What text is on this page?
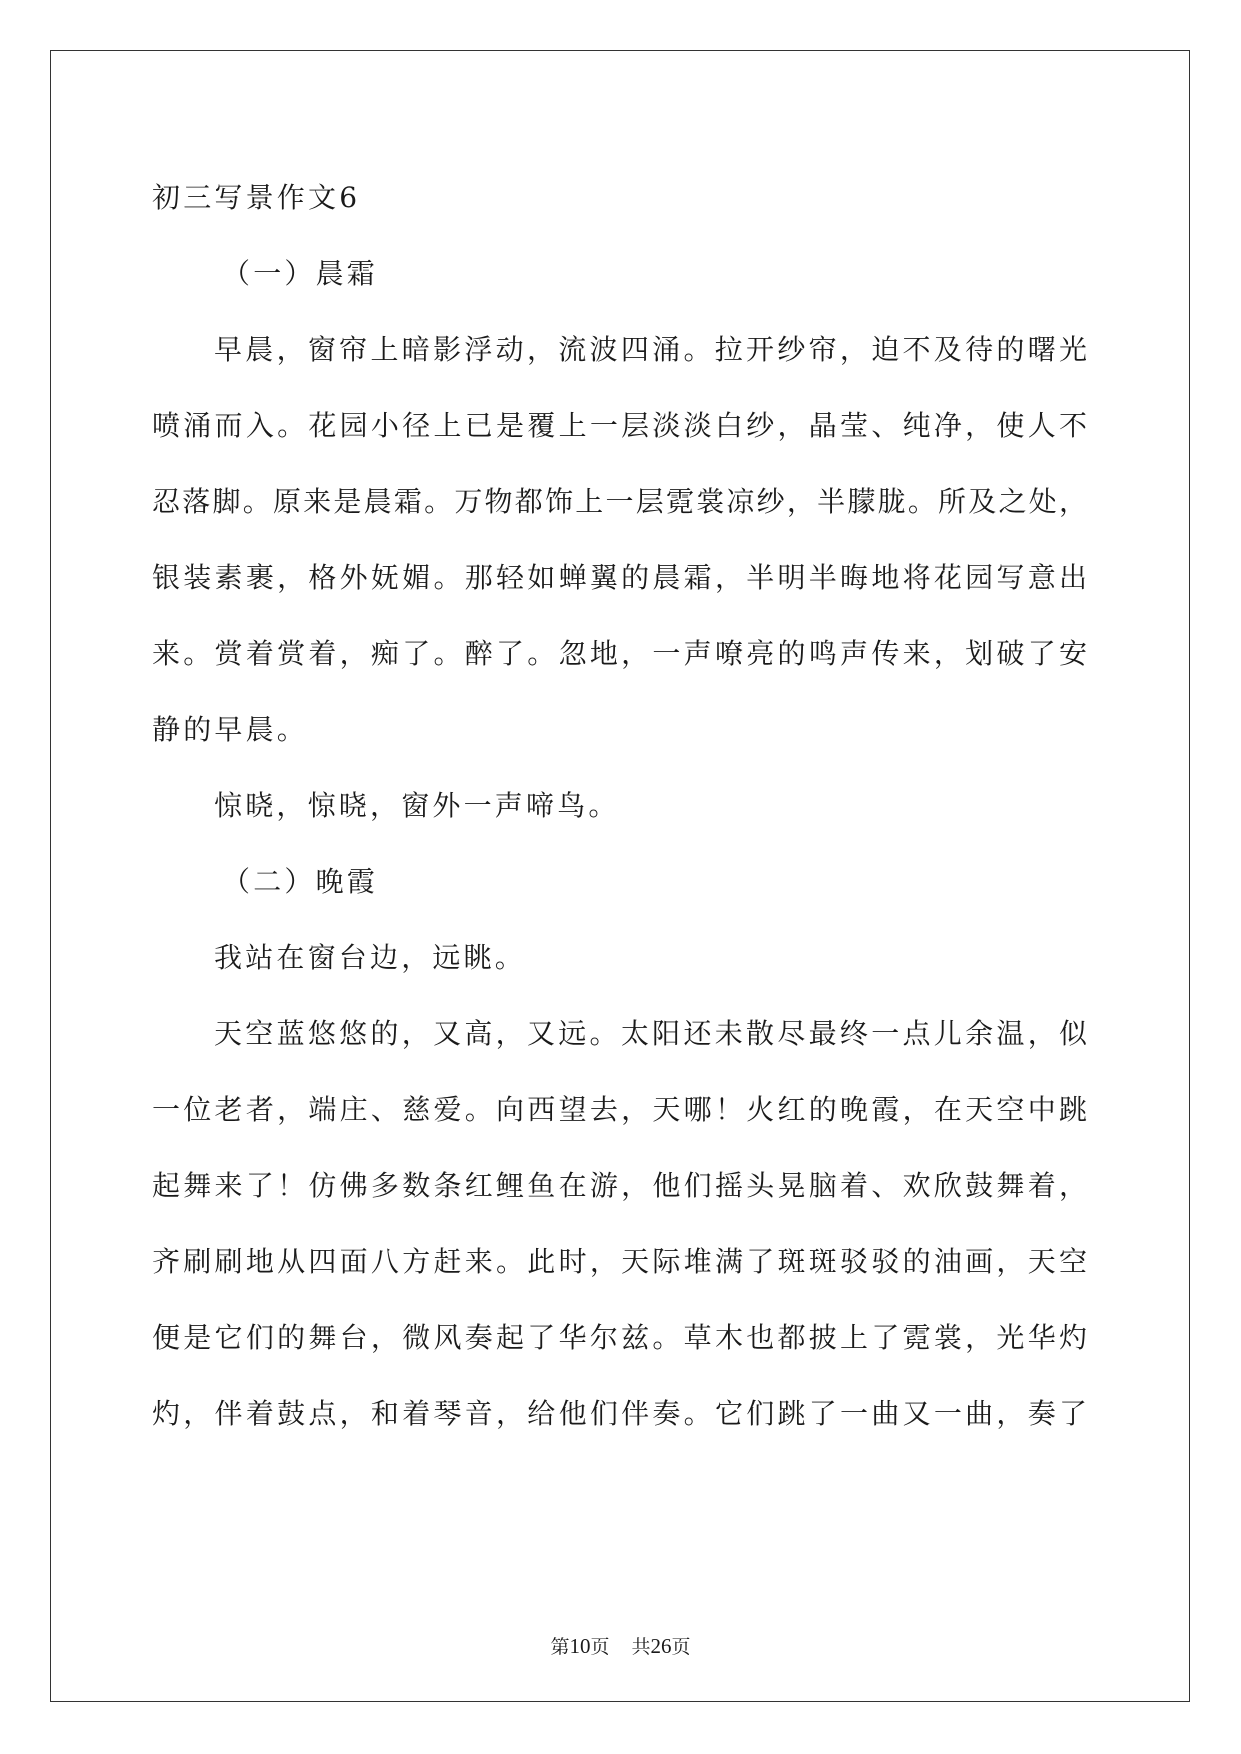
初三写景作文6
（一）晨霜
早晨，窗帘上暗影浮动，流波四涌。拉开纱帘，迫不及待的曙光
喷涌而入。花园小径上已是覆上一层淡淡白纱，晶莹、纯净，使人不
忍落脚。原来是晨霜。万物都饰上一层霓裳凉纱，半朦胧。所及之处，
银装素裹，格外妩媚。那轻如蝉翼的晨霜，半明半晦地将花园写意出
来。赏着赏着，痴了。醉了。忽地，一声嘹亮的鸣声传来，划破了安
静的早晨。
惊晓，惊晓，窗外一声啼鸟。
（二）晚霞
我站在窗台边，远眺。
天空蓝悠悠的，又高，又远。太阳还未散尽最终一点儿余温，似
一位老者，端庄、慈爱。向西望去，天哪！火红的晚霞，在天空中跳
起舞来了！仿佛多数条红鲤鱼在游，他们摇头晃脑着、欢欣鼓舞着，
齐刷刷地从四面八方赶来。此时，天际堆满了斑斑驳驳的油画，天空
便是它们的舞台，微风奏起了华尔兹。草木也都披上了霓裳，光华灼
灼，伴着鼓点，和着琴音，给他们伴奏。它们跳了一曲又一曲，奏了
第10页 共26页
